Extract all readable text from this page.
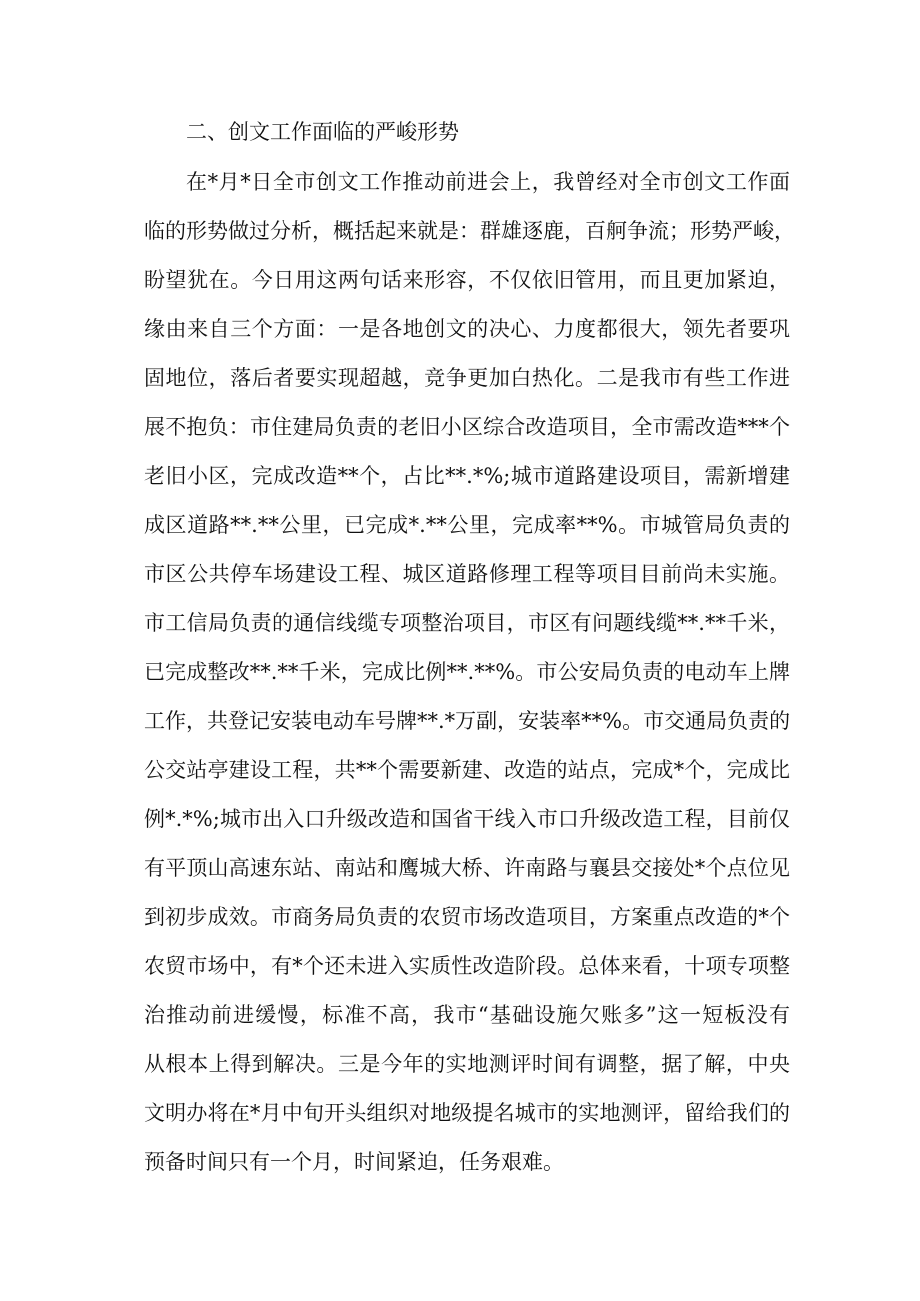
二、创文工作面临的严峻形势
在*月*日全市创文工作推动前进会上，我曾经对全市创文工作面
临的形势做过分析，概括起来就是：群雄逐鹿，百舸争流；形势严峻，
盼望犹在。今日用这两句话来形容，不仅依旧管用，而且更加紧迫，
缘由来自三个方面：一是各地创文的决心、力度都很大，领先者要巩
固地位，落后者要实现超越，竞争更加白热化。二是我市有些工作进
展不抱负：市住建局负责的老旧小区综合改造项目，全市需改造***个
老旧小区，完成改造**个，占比**.*%;城市道路建设项目，需新增建
成区道路**.**公里，已完成*.**公里，完成率**%。市城管局负责的
市区公共停车场建设工程、城区道路修理工程等项目目前尚未实施。
市工信局负责的通信线缆专项整治项目，市区有问题线缆**.**千米，
已完成整改**.**千米，完成比例**.**%。市公安局负责的电动车上牌
工作，共登记安装电动车号牌**.*万副，安装率**%。市交通局负责的
公交站亭建设工程，共**个需要新建、改造的站点，完成*个，完成比
例*.*%;城市出入口升级改造和国省干线入市口升级改造工程，目前仅
有平顶山高速东站、南站和鹰城大桥、许南路与襄县交接处*个点位见
到初步成效。市商务局负责的农贸市场改造项目，方案重点改造的*个
农贸市场中，有*个还未进入实质性改造阶段。总体来看，十项专项整
治推动前进缓慢，标准不高，我市“基础设施欠账多”这一短板没有
从根本上得到解决。三是今年的实地测评时间有调整，据了解，中央
文明办将在*月中旬开头组织对地级提名城市的实地测评，留给我们的
预备时间只有一个月，时间紧迫，任务艰难。
